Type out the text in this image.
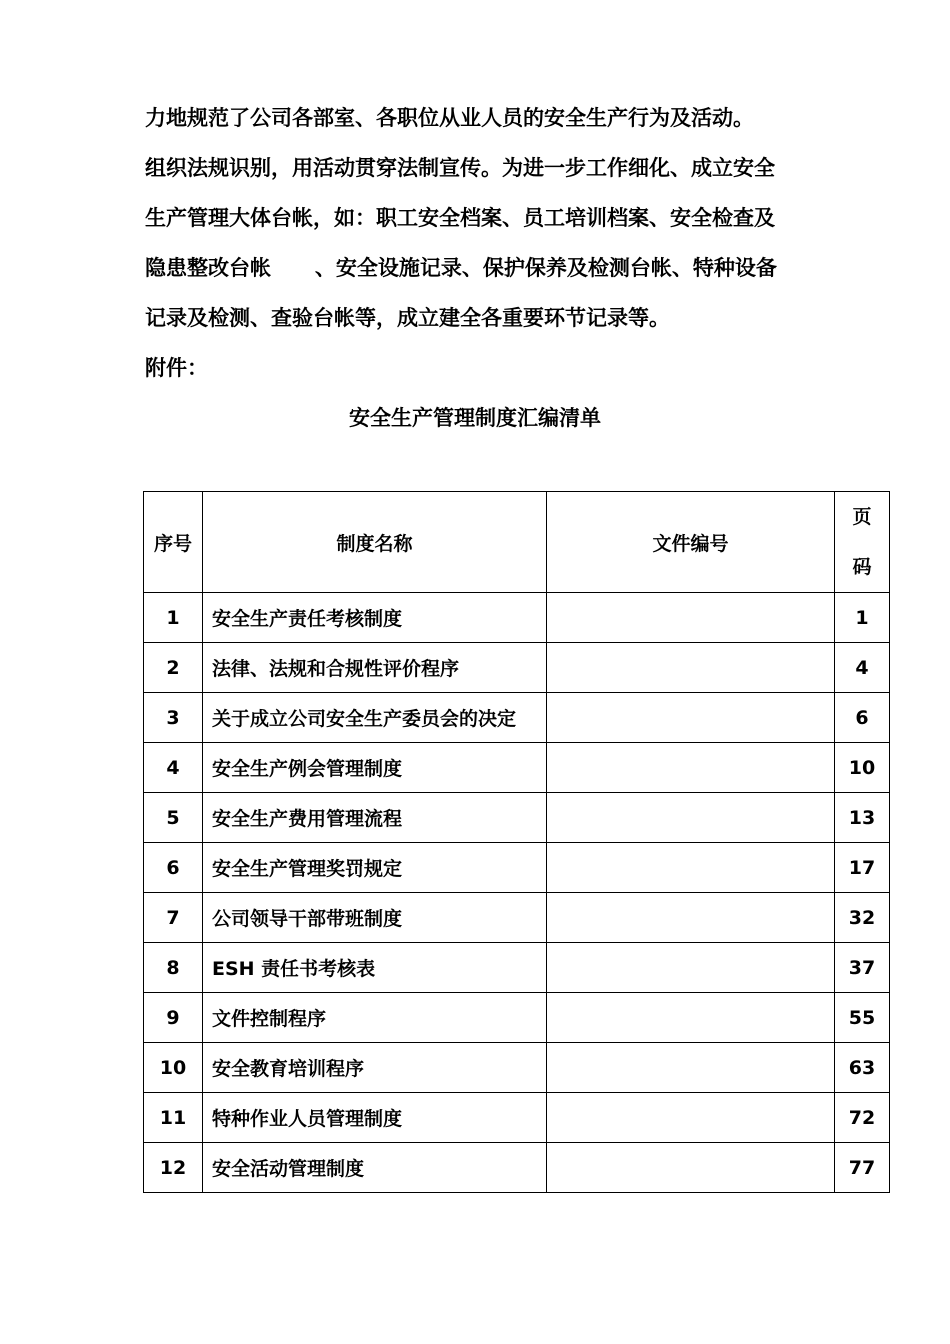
力地规范了公司各部室、各职位从业人员的安全生产行为及活动。
组织法规识别，用活动贯穿法制宣传。为进一步工作细化、成立安全
生产管理大体台帐，如：职工安全档案、员工培训档案、安全检查及
隐患整改台帐      、安全设施记录、保护保养及检测台帐、特种设备
记录及检测、查验台帐等，成立建全各重要环节记录等。
附件：
安全生产管理制度汇编清单
序号	制度名称	文件编号	页
码

1	安全生产责任考核制度		1
2	法律、法规和合规性评价程序		4
3	关于成立公司安全生产委员会的决定		6
4	安全生产例会管理制度		10
5	安全生产费用管理流程		13
6	安全生产管理奖罚规定		17
7	公司领导干部带班制度		32
8	ESH 责任书考核表		37
9	文件控制程序		55
10	安全教育培训程序		63
11	特种作业人员管理制度		72
12	安全活动管理制度		77
